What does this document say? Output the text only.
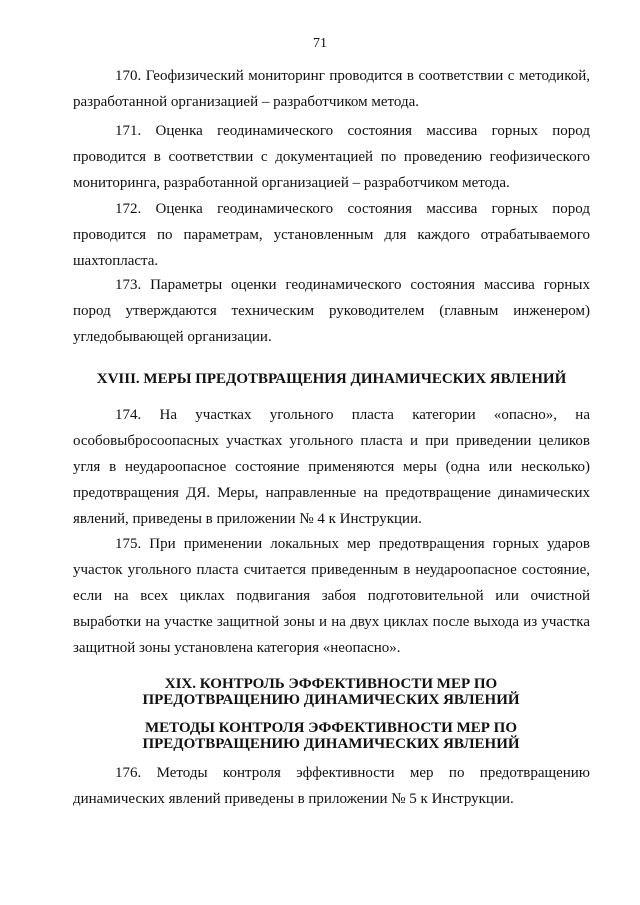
71

170. Геофизический мониторинг проводится в соответствии с методикой, разработанной организацией – разработчиком метода.

171. Оценка геодинамического состояния массива горных пород проводится в соответствии с документацией по проведению геофизического мониторинга, разработанной организацией – разработчиком метода.

172. Оценка геодинамического состояния массива горных пород проводится по параметрам, установленным для каждого отрабатываемого шахтопласта.

173. Параметры оценки геодинамического состояния массива горных пород утверждаются техническим руководителем (главным инженером) угледобывающей организации.

XVIII. МЕРЫ ПРЕДОТВРАЩЕНИЯ ДИНАМИЧЕСКИХ ЯВЛЕНИЙ

174. На участках угольного пласта категории «опасно», на особовыбросоопасных участках угольного пласта и при приведении целиков угля в неудароопасное состояние применяются меры (одна или несколько) предотвращения ДЯ. Меры, направленные на предотвращение динамических явлений, приведены в приложении № 4 к Инструкции.

175. При применении локальных мер предотвращения горных ударов участок угольного пласта считается приведенным в неудароопасное состояние, если на всех циклах подвигания забоя подготовительной или очистной выработки на участке защитной зоны и на двух циклах после выхода из участка защитной зоны установлена категория «неопасно».

XIX. КОНТРОЛЬ ЭФФЕКТИВНОСТИ МЕР ПО ПРЕДОТВРАЩЕНИЮ ДИНАМИЧЕСКИХ ЯВЛЕНИЙ

МЕТОДЫ КОНТРОЛЯ ЭФФЕКТИВНОСТИ МЕР ПО ПРЕДОТВРАЩЕНИЮ ДИНАМИЧЕСКИХ ЯВЛЕНИЙ

176. Методы контроля эффективности мер по предотвращению динамических явлений приведены в приложении № 5 к Инструкции.
